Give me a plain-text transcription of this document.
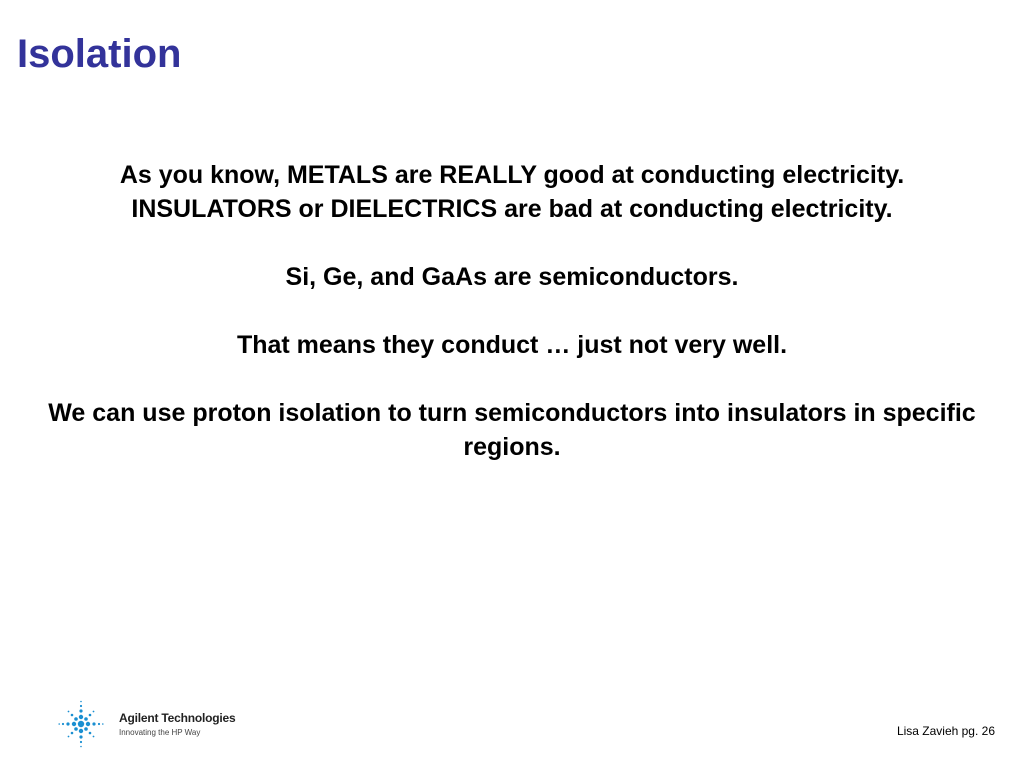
Isolation

As you know, METALS are REALLY good at conducting electricity.

INSULATORS or DIELECTRICS are bad at conducting electricity.

Si, Ge, and GaAs are semiconductors.

That means they conduct … just not very well.

We can use proton isolation to turn semiconductors into insulators in specific regions.

Agilent Technologies
Innovating the HP Way	Lisa Zavieh pg. 26
